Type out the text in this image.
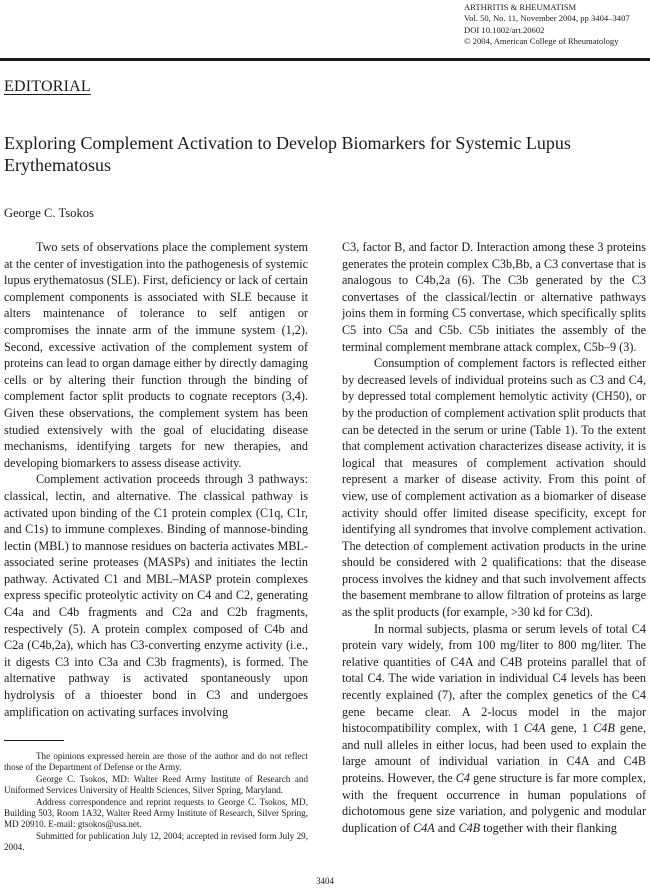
ARTHRITIS & RHEUMATISM
Vol. 50, No. 11, November 2004, pp 3404–3407
DOI 10.1002/art.20602
© 2004, American College of Rheumatology
EDITORIAL
Exploring Complement Activation to Develop Biomarkers for Systemic Lupus Erythematosus
George C. Tsokos

Two sets of observations place the complement system at the center of investigation into the pathogenesis of systemic lupus erythematosus (SLE). First, deficiency or lack of certain complement components is associated with SLE because it alters maintenance of tolerance to self antigen or compromises the innate arm of the immune system (1,2). Second, excessive activation of the complement system of proteins can lead to organ damage either by directly damaging cells or by altering their function through the binding of complement factor split products to cognate receptors (3,4). Given these observations, the complement system has been studied extensively with the goal of elucidating disease mechanisms, identifying targets for new therapies, and developing biomarkers to assess disease activity.

Complement activation proceeds through 3 pathways: classical, lectin, and alternative. The classical pathway is activated upon binding of the C1 protein complex (C1q, C1r, and C1s) to immune complexes. Binding of mannose-binding lectin (MBL) to mannose residues on bacteria activates MBL-associated serine proteases (MASPs) and initiates the lectin pathway. Activated C1 and MBL–MASP protein complexes express specific proteolytic activity on C4 and C2, generating C4a and C4b fragments and C2a and C2b fragments, respectively (5). A protein complex composed of C4b and C2a (C4b,2a), which has C3-converting enzyme activity (i.e., it digests C3 into C3a and C3b fragments), is formed. The alternative pathway is activated spontaneously upon hydrolysis of a thioester bond in C3 and undergoes amplification on activating surfaces involving

C3, factor B, and factor D. Interaction among these 3 proteins generates the protein complex C3b,Bb, a C3 convertase that is analogous to C4b,2a (6). The C3b generated by the C3 convertases of the classical/lectin or alternative pathways joins them in forming C5 convertase, which specifically splits C5 into C5a and C5b. C5b initiates the assembly of the terminal complement membrane attack complex, C5b–9 (3).

Consumption of complement factors is reflected either by decreased levels of individual proteins such as C3 and C4, by depressed total complement hemolytic activity (CH50), or by the production of complement activation split products that can be detected in the serum or urine (Table 1). To the extent that complement activation characterizes disease activity, it is logical that measures of complement activation should represent a marker of disease activity. From this point of view, use of complement activation as a biomarker of disease activity should offer limited disease specificity, except for identifying all syndromes that involve complement activation. The detection of complement activation products in the urine should be considered with 2 qualifications: that the disease process involves the kidney and that such involvement affects the basement membrane to allow filtration of proteins as large as the split products (for example, >30 kd for C3d).

In normal subjects, plasma or serum levels of total C4 protein vary widely, from 100 mg/liter to 800 mg/liter. The relative quantities of C4A and C4B proteins parallel that of total C4. The wide variation in individual C4 levels has been recently explained (7), after the complex genetics of the C4 gene became clear. A 2-locus model in the major histocompatibility complex, with 1 C4A gene, 1 C4B gene, and null alleles in either locus, had been used to explain the large amount of individual variation in C4A and C4B proteins. However, the C4 gene structure is far more complex, with the frequent occurrence in human populations of dichotomous gene size variation, and polygenic and modular duplication of C4A and C4B together with their flanking

The opinions expressed herein are those of the author and do not reflect those of the Department of Defense or the Army.

George C. Tsokos, MD: Walter Reed Army Institute of Research and Uniformed Services University of Health Sciences, Silver Spring, Maryland.

Address correspondence and reprint requests to George C. Tsokos, MD, Building 503, Room 1A32, Walter Reed Army Institute of Research, Silver Spring, MD 20910. E-mail: gtsokos@usa.net.

Submitted for publication July 12, 2004; accepted in revised form July 29, 2004.

3404
